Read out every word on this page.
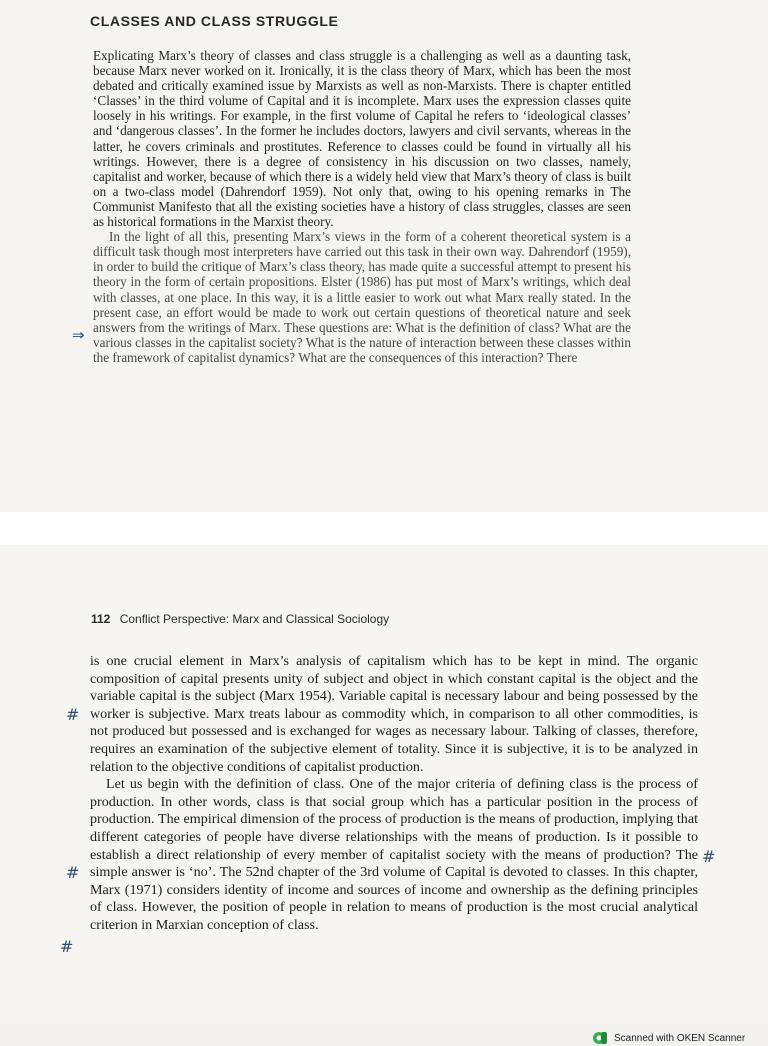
CLASSES AND CLASS STRUGGLE

Explicating Marx’s theory of classes and class struggle is a challenging as well as a daunting task, because Marx never worked on it. Ironically, it is the class theory of Marx, which has been the most debated and critically examined issue by Marxists as well as non-Marxists. There is chapter entitled ‘Classes’ in the third volume of Capital and it is incomplete. Marx uses the expression classes quite loosely in his writings. For example, in the first volume of Capital he refers to ‘ideological classes’ and ‘dangerous classes’. In the former he includes doctors, lawyers and civil servants, whereas in the latter, he covers criminals and prostitutes. Reference to classes could be found in virtually all his writings. However, there is a degree of consistency in his discussion on two classes, namely, capitalist and worker, because of which there is a widely held view that Marx’s theory of class is built on a two-class model (Dahrendorf 1959). Not only that, owing to his opening remarks in The Communist Manifesto that all the existing societies have a history of class struggles, classes are seen as historical formations in the Marxist theory.

In the light of all this, presenting Marx’s views in the form of a coherent theoretical system is a difficult task though most interpreters have carried out this task in their own way. Dahrendorf (1959), in order to build the critique of Marx’s class theory, has made quite a successful attempt to present his theory in the form of certain propositions. Elster (1986) has put most of Marx’s writings, which deal with classes, at one place. In this way, it is a little easier to work out what Marx really stated. In the present case, an effort would be made to work out certain questions of theoretical nature and seek answers from the writings of Marx. These questions are: What is the definition of class? What are the various classes in the capitalist society? What is the nature of interaction between these classes within the framework of capitalist dynamics? What are the consequences of this interaction? There

⇒
Scanned with OKEN Scanner
112 Conflict Perspective: Marx and Classical Sociology

is one crucial element in Marx’s analysis of capitalism which has to be kept in mind. The organic composition of capital presents unity of subject and object in which constant capital is the object and the variable capital is the subject (Marx 1954). Variable capital is necessary labour and being possessed by the worker is subjective. Marx treats labour as commodity which, in comparison to all other commodities, is not produced but possessed and is exchanged for wages as necessary labour. Talking of classes, therefore, requires an examination of the subjective element of totality. Since it is subjective, it is to be analyzed in relation to the objective conditions of capitalist production.

Let us begin with the definition of class. One of the major criteria of defining class is the process of production. In other words, class is that social group which has a particular position in the process of production. The empirical dimension of the process of production is the means of production, implying that different categories of people have diverse relationships with the means of production. Is it possible to establish a direct relationship of every member of capitalist society with the means of production? The simple answer is ‘no’. The 52nd chapter of the 3rd volume of Capital is devoted to classes. In this chapter, Marx (1971) considers identity of income and sources of income and ownership as the defining principles of class. However, the position of people in relation to means of production is the most crucial analytical criterion in Marxian conception of class.

#
#
#
#
